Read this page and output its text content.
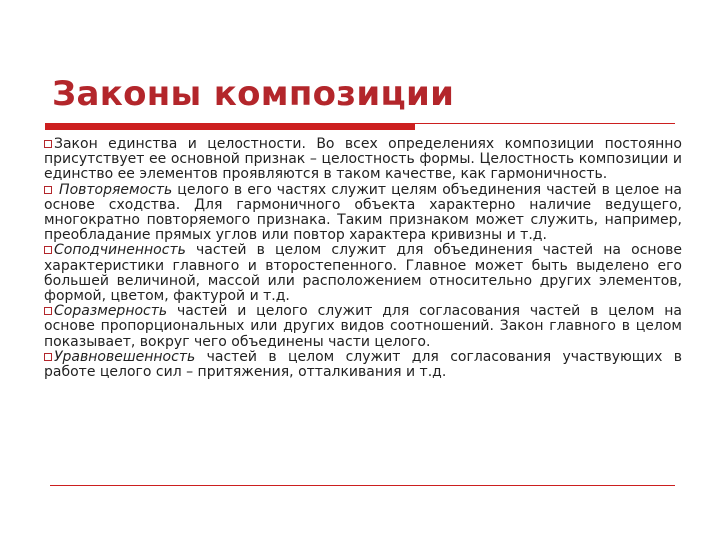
Законы композиции

Закон единства и целостности. Во всех определениях композиции постоянно присутствует ее основной признак – целостность формы. Целостность композиции и единство ее элементов проявляются в таком качестве, как гармоничность.

Повторяемость целого в его частях служит целям объединения частей в целое на основе сходства. Для гармоничного объекта характерно наличие ведущего, многократно повторяемого признака. Таким признаком может служить, например, преобладание прямых углов или повтор характера кривизны и т.д.

Соподчиненность частей в целом служит для объединения частей на основе характеристики главного и второстепенного. Главное может быть выделено его большей величиной, массой или расположением относительно других элементов, формой, цветом, фактурой и т.д.

Соразмерность частей и целого служит для согласования частей в целом на основе пропорциональных или других видов соотношений. Закон главного в целом показывает, вокруг чего объединены части целого.

Уравновешенность частей в целом служит для согласования участвующих в работе целого сил – притяжения, отталкивания и т.д.
